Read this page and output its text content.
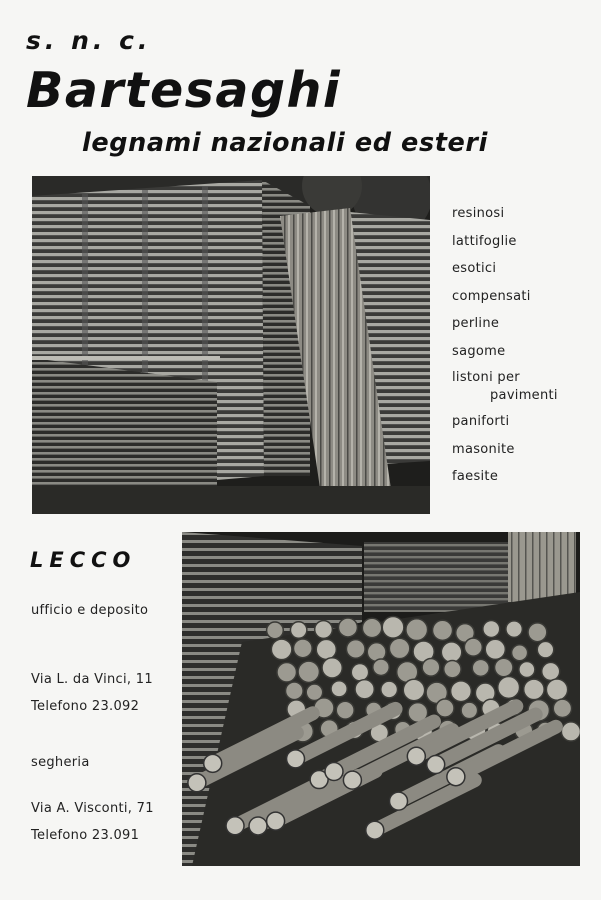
s. n. c.
Bartesaghi
legnami nazionali ed esteri
resinosi
lattifoglie
esotici
compensati
perline
sagome
listoni per
pavimenti
paniforti
masonite
faesite
LECCO
ufficio e deposito
Via L. da Vinci, 11
Telefono 23.092
segheria
Via A. Visconti, 71
Telefono 23.091
